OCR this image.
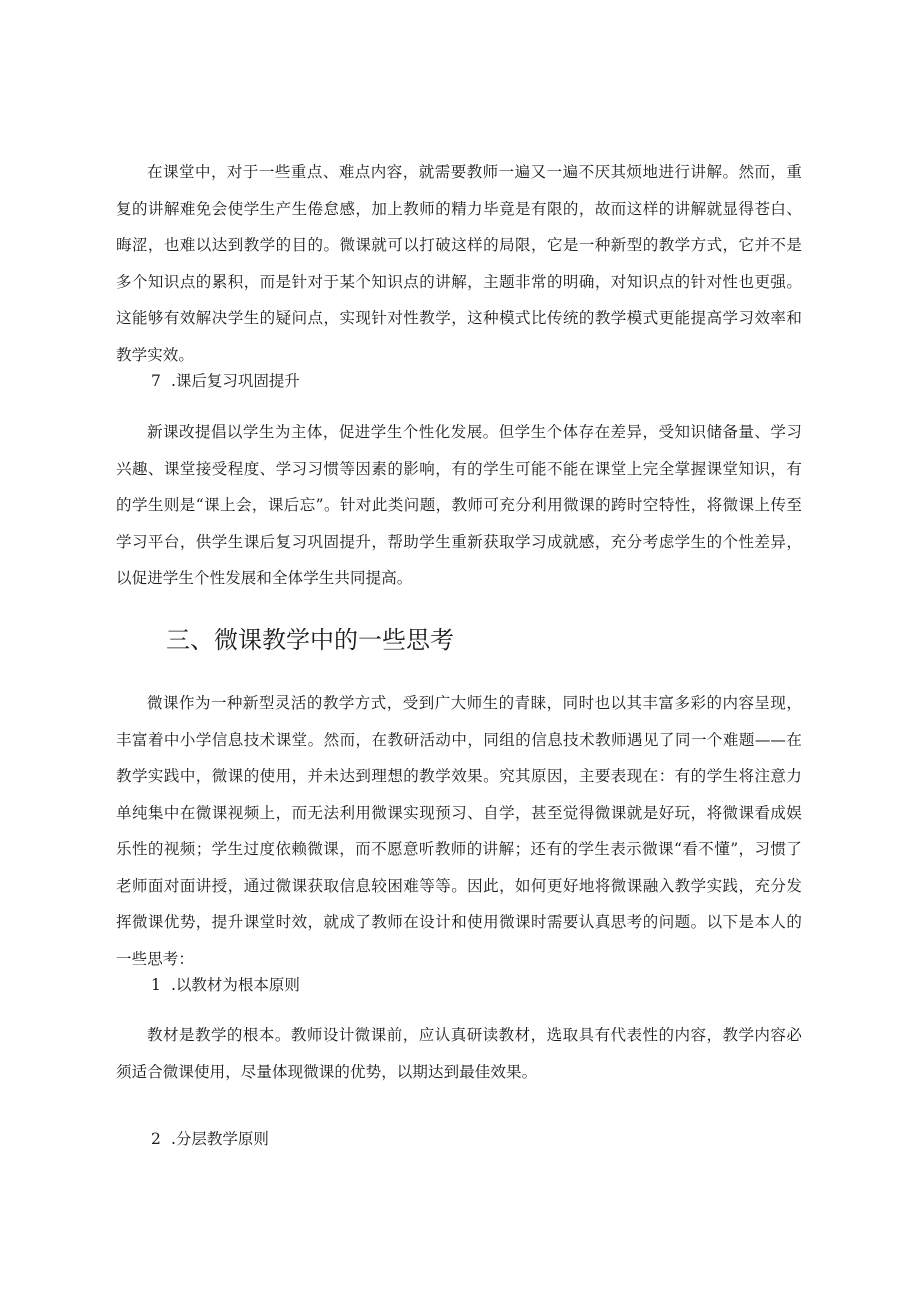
在课堂中，对于一些重点、难点内容，就需要教师一遍又一遍不厌其烦地进行讲解。然而，重复的讲解难免会使学生产生倦怠感，加上教师的精力毕竟是有限的，故而这样的讲解就显得苍白、晦涩，也难以达到教学的目的。微课就可以打破这样的局限，它是一种新型的教学方式，它并不是多个知识点的累积，而是针对于某个知识点的讲解，主题非常的明确，对知识点的针对性也更强。这能够有效解决学生的疑问点，实现针对性教学，这种模式比传统的教学模式更能提高学习效率和教学实效。

7 .课后复习巩固提升

新课改提倡以学生为主体，促进学生个性化发展。但学生个体存在差异，受知识储备量、学习兴趣、课堂接受程度、学习习惯等因素的影响，有的学生可能不能在课堂上完全掌握课堂知识，有的学生则是“课上会，课后忘”。针对此类问题，教师可充分利用微课的跨时空特性，将微课上传至学习平台，供学生课后复习巩固提升，帮助学生重新获取学习成就感，充分考虑学生的个性差异，以促进学生个性发展和全体学生共同提高。

三、微课教学中的一些思考

微课作为一种新型灵活的教学方式，受到广大师生的青睐，同时也以其丰富多彩的内容呈现，丰富着中小学信息技术课堂。然而，在教研活动中，同组的信息技术教师遇见了同一个难题——在教学实践中，微课的使用，并未达到理想的教学效果。究其原因，主要表现在：有的学生将注意力单纯集中在微课视频上，而无法利用微课实现预习、自学，甚至觉得微课就是好玩，将微课看成娱乐性的视频；学生过度依赖微课，而不愿意听教师的讲解；还有的学生表示微课“看不懂”，习惯了老师面对面讲授，通过微课获取信息较困难等等。因此，如何更好地将微课融入教学实践，充分发挥微课优势，提升课堂时效，就成了教师在设计和使用微课时需要认真思考的问题。以下是本人的一些思考：

1 .以教材为根本原则

教材是教学的根本。教师设计微课前，应认真研读教材，选取具有代表性的内容，教学内容必须适合微课使用，尽量体现微课的优势，以期达到最佳效果。

2 .分层教学原则
